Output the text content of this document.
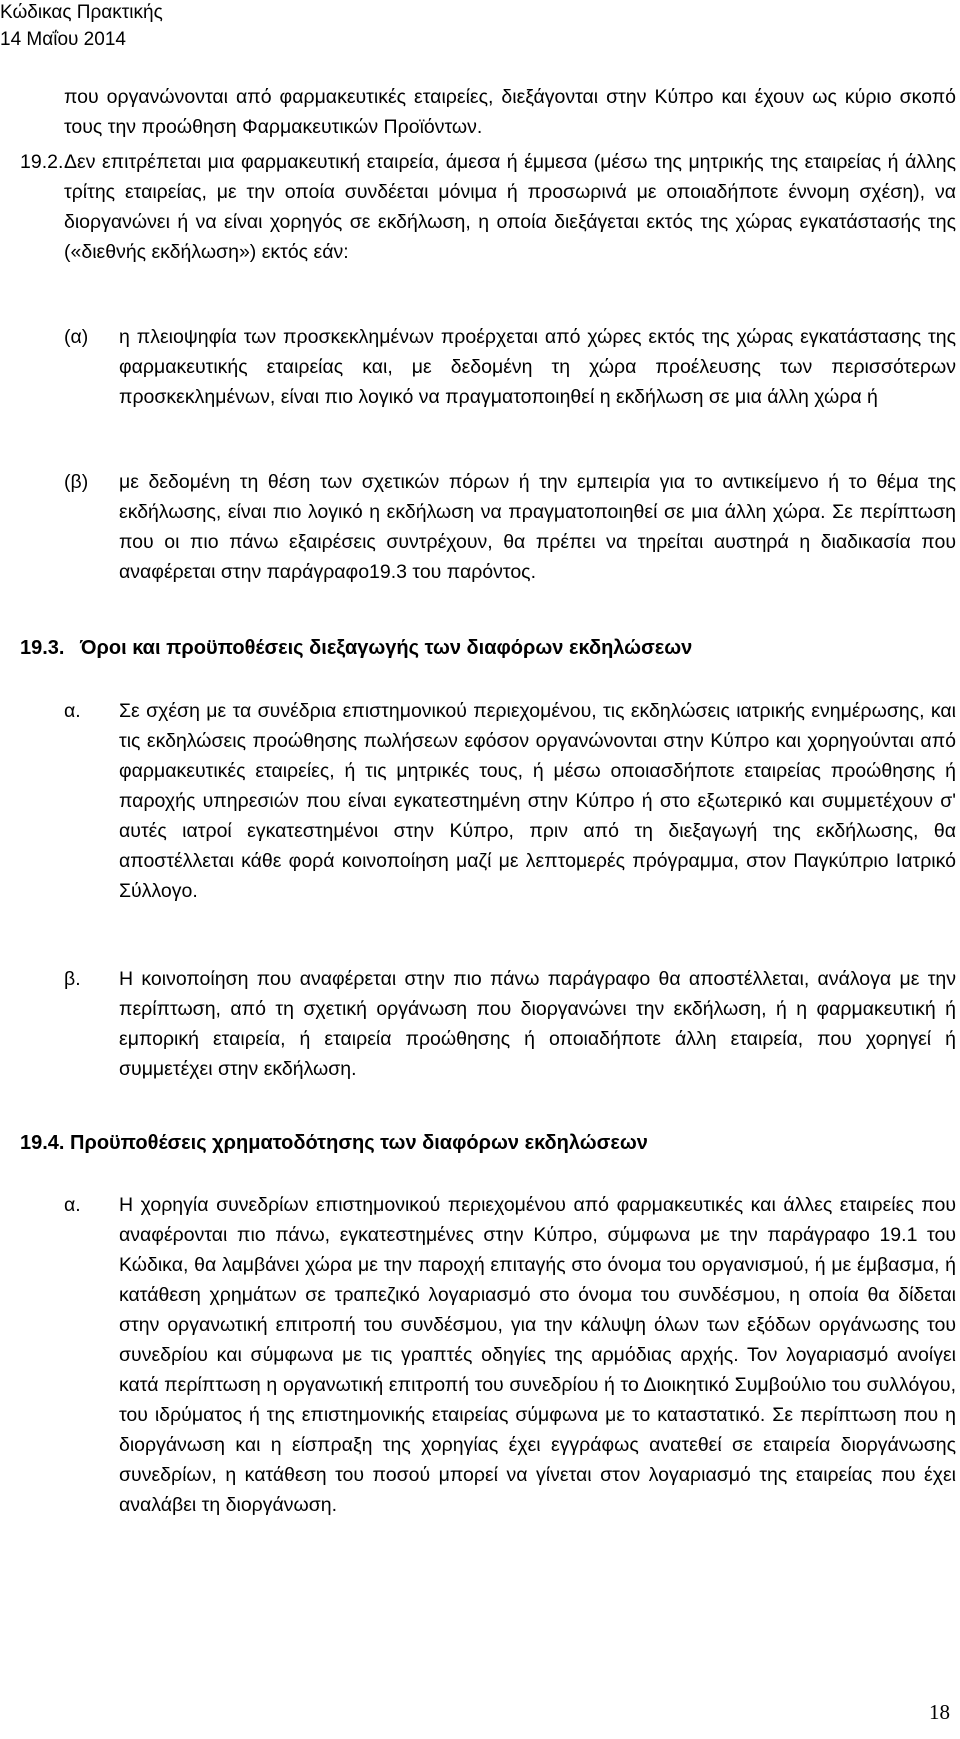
Κώδικας Πρακτικής
14 Μαΐου 2014

που οργανώνονται από φαρμακευτικές εταιρείες, διεξάγονται στην Κύπρο και έχουν ως κύριο σκοπό τους την προώθηση Φαρμακευτικών Προϊόντων.

19.2. Δεν επιτρέπεται μια φαρμακευτική εταιρεία, άμεσα ή έμμεσα (μέσω της μητρικής της εταιρείας ή άλλης τρίτης εταιρείας, με την οποία συνδέεται μόνιμα ή προσωρινά με οποιαδήποτε έννομη σχέση), να διοργανώνει ή να είναι χορηγός σε εκδήλωση, η οποία διεξάγεται εκτός της χώρας εγκατάστασής της («διεθνής εκδήλωση») εκτός εάν:

(α) η πλειοψηφία των προσκεκλημένων προέρχεται από χώρες εκτός της χώρας εγκατάστασης της φαρμακευτικής εταιρείας και, με δεδομένη τη χώρα προέλευσης των περισσότερων προσκεκλημένων, είναι πιο λογικό να πραγματοποιηθεί η εκδήλωση σε μια άλλη χώρα ή

(β) με δεδομένη τη θέση των σχετικών πόρων ή την εμπειρία για το αντικείμενο ή το θέμα της εκδήλωσης, είναι πιο λογικό η εκδήλωση να πραγματοποιηθεί σε μια άλλη χώρα. Σε περίπτωση που οι πιο πάνω εξαιρέσεις συντρέχουν, θα πρέπει να τηρείται αυστηρά η διαδικασία που αναφέρεται στην παράγραφο19.3 του παρόντος.

19.3. Όροι και προϋποθέσεις διεξαγωγής των διαφόρων εκδηλώσεων
α. Σε σχέση με τα συνέδρια επιστημονικού περιεχομένου, τις εκδηλώσεις ιατρικής ενημέρωσης, και τις εκδηλώσεις προώθησης πωλήσεων εφόσον οργανώνονται στην Κύπρο και χορηγούνται από φαρμακευτικές εταιρείες, ή τις μητρικές τους, ή μέσω οποιασδήποτε εταιρείας προώθησης ή παροχής υπηρεσιών που είναι εγκατεστημένη στην Κύπρο ή στο εξωτερικό και συμμετέχουν σ' αυτές ιατροί εγκατεστημένοι στην Κύπρο, πριν από τη διεξαγωγή της εκδήλωσης, θα αποστέλλεται κάθε φορά κοινοποίηση μαζί με λεπτομερές πρόγραμμα, στον Παγκύπριο Ιατρικό Σύλλογο.

β. Η κοινοποίηση που αναφέρεται στην πιο πάνω παράγραφο θα αποστέλλεται, ανάλογα με την περίπτωση, από τη σχετική οργάνωση που διοργανώνει την εκδήλωση, ή η φαρμακευτική ή εμπορική εταιρεία, ή εταιρεία προώθησης ή οποιαδήποτε άλλη εταιρεία, που χορηγεί ή συμμετέχει στην εκδήλωση.

19.4. Προϋποθέσεις χρηματοδότησης των διαφόρων εκδηλώσεων
α. Η χορηγία συνεδρίων επιστημονικού περιεχομένου από φαρμακευτικές και άλλες εταιρείες που αναφέρονται πιο πάνω, εγκατεστημένες στην Κύπρο, σύμφωνα με την παράγραφο 19.1 του Κώδικα, θα λαμβάνει χώρα με την παροχή επιταγής στο όνομα του οργανισμού, ή με έμβασμα, ή κατάθεση χρημάτων σε τραπεζικό λογαριασμό στο όνομα του συνδέσμου, η οποία θα δίδεται στην οργανωτική επιτροπή του συνδέσμου, για την κάλυψη όλων των εξόδων οργάνωσης του συνεδρίου και σύμφωνα με τις γραπτές οδηγίες της αρμόδιας αρχής. Τον λογαριασμό ανοίγει κατά περίπτωση η οργανωτική επιτροπή του συνεδρίου ή το Διοικητικό Συμβούλιο του συλλόγου, του ιδρύματος ή της επιστημονικής εταιρείας σύμφωνα με το καταστατικό. Σε περίπτωση που η διοργάνωση και η είσπραξη της χορηγίας έχει εγγράφως ανατεθεί σε εταιρεία διοργάνωσης συνεδρίων, η κατάθεση του ποσού μπορεί να γίνεται στον λογαριασμό της εταιρείας που έχει αναλάβει τη διοργάνωση.

18
